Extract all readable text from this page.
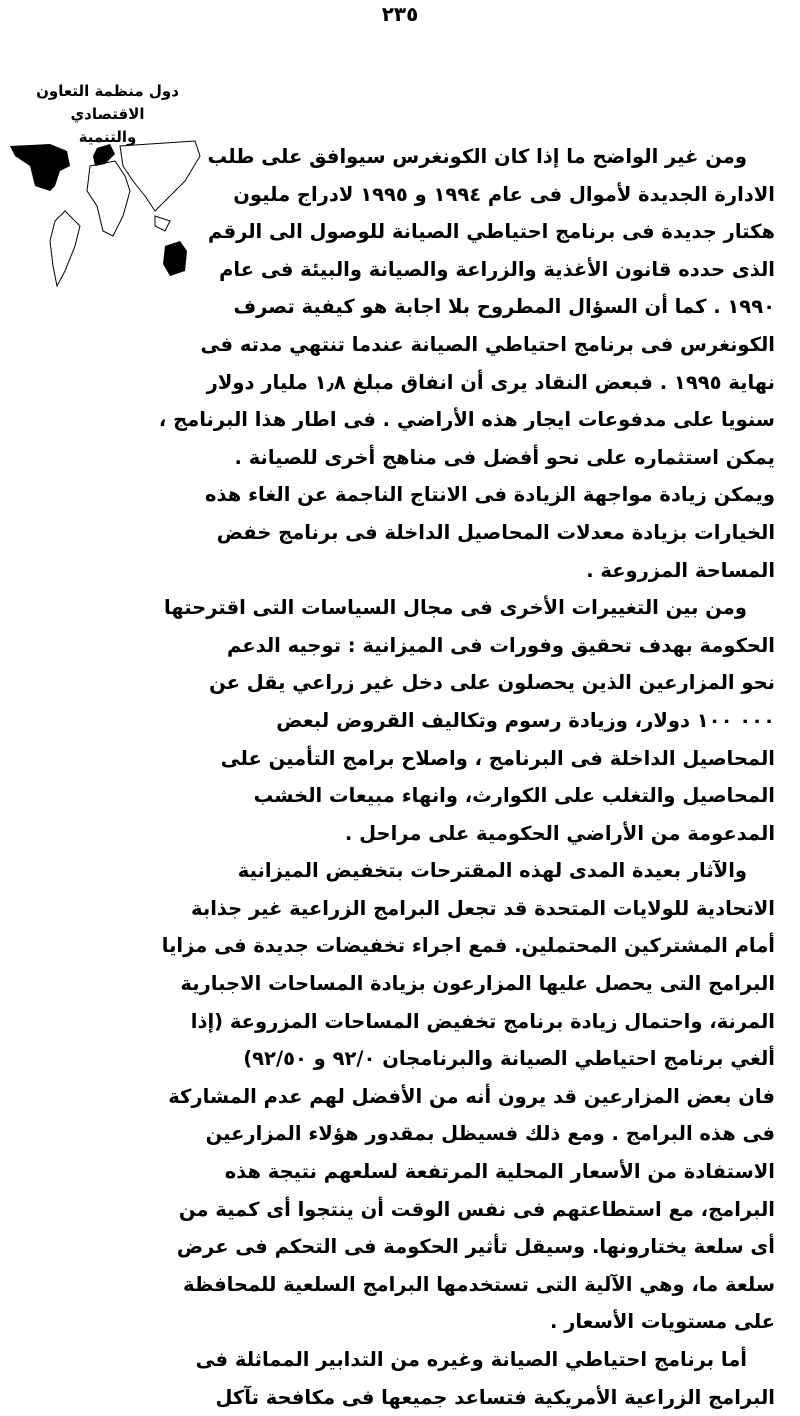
٢٣٥
دول منظمة التعاون الاقتصادي
والتنمية
ومن غير الواضح ما إذا كان الكونغرس سيوافق على طلب
الادارة الجديدة لأموال فى عام ١٩٩٤ و ١٩٩٥ لادراج مليون
هكتار جديدة فى برنامج احتياطي الصيانة للوصول الى الرقم
الذى حدده قانون الأغذية والزراعة والصيانة والبيئة فى عام
١٩٩٠ . كما أن السؤال المطروح بلا اجابة هو كيفية تصرف
الكونغرس فى برنامج احتياطي الصيانة عندما تنتهي مدته فى
نهاية ١٩٩٥ . فبعض النقاد يرى أن انفاق مبلغ ١٫٨ مليار دولار
سنويا على مدفوعات ايجار هذه الأراضي . فى اطار هذا البرنامج ،
يمكن استثماره على نحو أفضل فى مناهج أخرى للصيانة .
ويمكن زيادة مواجهة الزيادة فى الانتاج الناجمة عن الغاء هذه
الخيارات بزيادة معدلات المحاصيل الداخلة فى برنامج خفض
المساحة المزروعة .
ومن بين التغييرات الأخرى فى مجال السياسات التى اقترحتها
الحكومة بهدف تحقيق وفورات فى الميزانية : توجيه الدعم
نحو المزارعين الذين يحصلون على دخل غير زراعي يقل عن
٠٠٠ ١٠٠ دولار، وزيادة رسوم وتكاليف القروض لبعض
المحاصيل الداخلة فى البرنامج ، واصلاح برامج التأمين على
المحاصيل والتغلب على الكوارث، وانهاء مبيعات الخشب
المدعومة من الأراضي الحكومية على مراحل .
والآثار بعيدة المدى لهذه المقترحات بتخفيض الميزانية
الاتحادية للولايات المتحدة قد تجعل البرامج الزراعية غير جذابة
أمام المشتركين المحتملين. فمع اجراء تخفيضات جديدة فى مزايا
البرامج التى يحصل عليها المزارعون بزيادة المساحات الاجبارية
المرنة، واحتمال زيادة برنامج تخفيض المساحات المزروعة (إذا
ألغي برنامج احتياطي الصيانة والبرنامجان ٩٢/٠ و ٩٢/٥٠)
فان بعض المزارعين قد يرون أنه من الأفضل لهم عدم المشاركة
فى هذه البرامج . ومع ذلك فسيظل بمقدور هؤلاء المزارعين
الاستفادة من الأسعار المحلية المرتفعة لسلعهم نتيجة هذه
البرامج، مع استطاعتهم فى نفس الوقت أن ينتجوا أى كمية من
أى سلعة يختارونها. وسيقل تأثير الحكومة فى التحكم فى عرض
سلعة ما، وهي الآلية التى تستخدمها البرامج السلعية للمحافظة
على مستويات الأسعار .
أما برنامج احتياطي الصيانة وغيره من التدابير المماثلة فى
البرامج الزراعية الأمريكية فتساعد جميعها فى مكافحة تآكل
